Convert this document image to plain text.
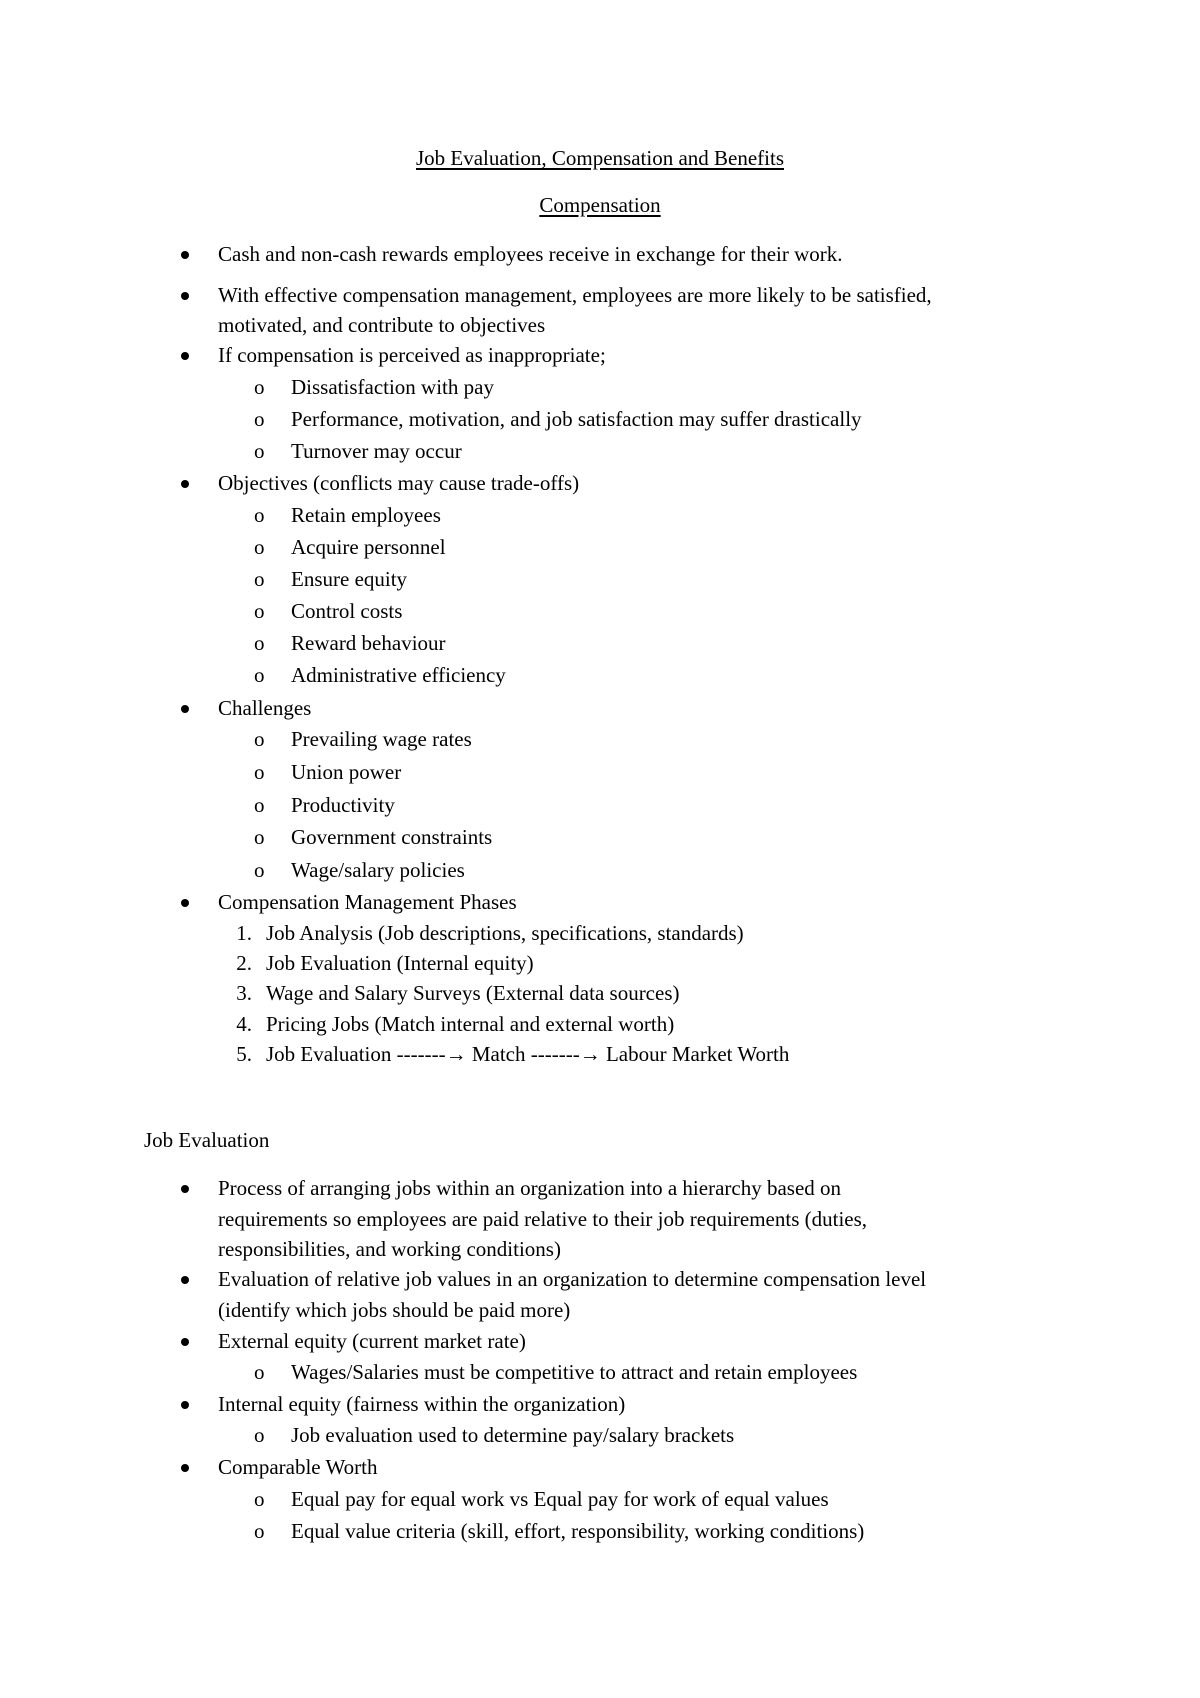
Job Evaluation, Compensation and Benefits
Compensation
Cash and non-cash rewards employees receive in exchange for their work.
With effective compensation management, employees are more likely to be satisfied,
motivated, and contribute to objectives
If compensation is perceived as inappropriate;
o Dissatisfaction with pay
o Performance, motivation, and job satisfaction may suffer drastically
o Turnover may occur
Objectives (conflicts may cause trade-offs)
o Retain employees
o Acquire personnel
o Ensure equity
o Control costs
o Reward behaviour
o Administrative efficiency
Challenges
o Prevailing wage rates
o Union power
o Productivity
o Government constraints
o Wage/salary policies
Compensation Management Phases
1. Job Analysis (Job descriptions, specifications, standards)
2. Job Evaluation (Internal equity)
3. Wage and Salary Surveys (External data sources)
4. Pricing Jobs (Match internal and external worth)
5. Job Evaluation -------→ Match -------→ Labour Market Worth
Job Evaluation
Process of arranging jobs within an organization into a hierarchy based on
requirements so employees are paid relative to their job requirements (duties,
responsibilities, and working conditions)
Evaluation of relative job values in an organization to determine compensation level
(identify which jobs should be paid more)
External equity (current market rate)
o Wages/Salaries must be competitive to attract and retain employees
Internal equity (fairness within the organization)
o Job evaluation used to determine pay/salary brackets
Comparable Worth
o Equal pay for equal work vs Equal pay for work of equal values
o Equal value criteria (skill, effort, responsibility, working conditions)
